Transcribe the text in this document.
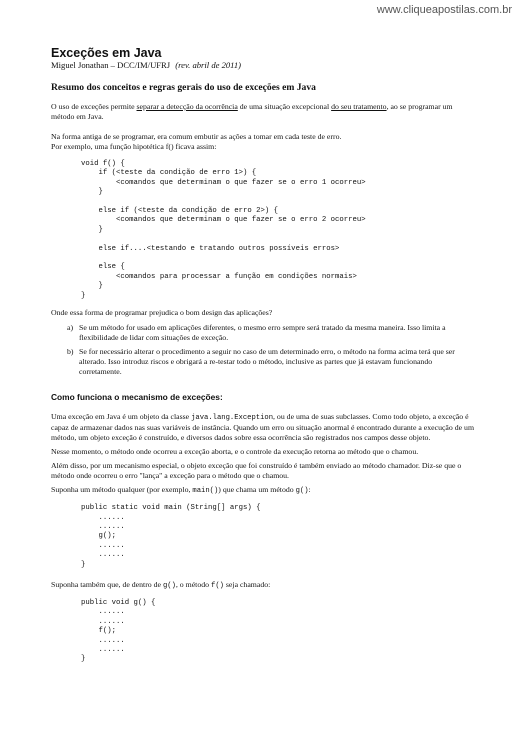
www.cliqueapostilas.com.br
Exceções em Java

Miguel Jonathan – DCC/IM/UFRJ (rev. abril de 2011)

Resumo dos conceitos e regras gerais do uso de exceções em Java

O uso de exceções permite separar a detecção da ocorrência de uma situação excepcional do seu tratamento, ao se programar um método em Java.

Na forma antiga de se programar, era comum embutir as ações a tomar em cada teste de erro.

Por exemplo, uma função hipotética f() ficava assim:

void f() {
if (<teste da condição de erro 1>) {
<comandos que determinam o que fazer se o erro 1 ocorreu>
}

else if (<teste da condição de erro 2>) {
<comandos que determinam o que fazer se o erro 2 ocorreu>
}

else if....<testando e tratando outros possíveis erros>

else {
<comandos para processar a função em condições normais>
}
}

Onde essa forma de programar prejudica o bom design das aplicações?

a) Se um método for usado em aplicações diferentes, o mesmo erro sempre será tratado da mesma maneira. Isso limita a flexibilidade de lidar com situações de exceção.
b) Se for necessário alterar o procedimento a seguir no caso de um determinado erro, o método na forma acima terá que ser alterado. Isso introduz riscos e obrigará a re-testar todo o método, inclusive as partes que já estavam funcionando corretamente.
Como funciona o mecanismo de exceções:

Uma exceção em Java é um objeto da classe java.lang.Exception, ou de uma de suas subclasses. Como todo objeto, a exceção é capaz de armazenar dados nas suas variáveis de instância. Quando um erro ou situação anormal é encontrado durante a execução de um método, um objeto exceção é construído, e diversos dados sobre essa ocorrência são registrados nos campos desse objeto.

Nesse momento, o método onde ocorreu a exceção aborta, e o controle da execução retorna ao método que o chamou.

Além disso, por um mecanismo especial, o objeto exceção que foi construído é também enviado ao método chamador. Diz-se que o método onde ocorreu o erro "lança" a exceção para o método que o chamou.

Suponha um método qualquer (por exemplo, main()) que chama um método g():

public static void main (String[] args) {
......
......
g();
......
......
}

Suponha também que, de dentro de g(), o método f() seja chamado:

public void g() {
......
......
f();
......
......
}
